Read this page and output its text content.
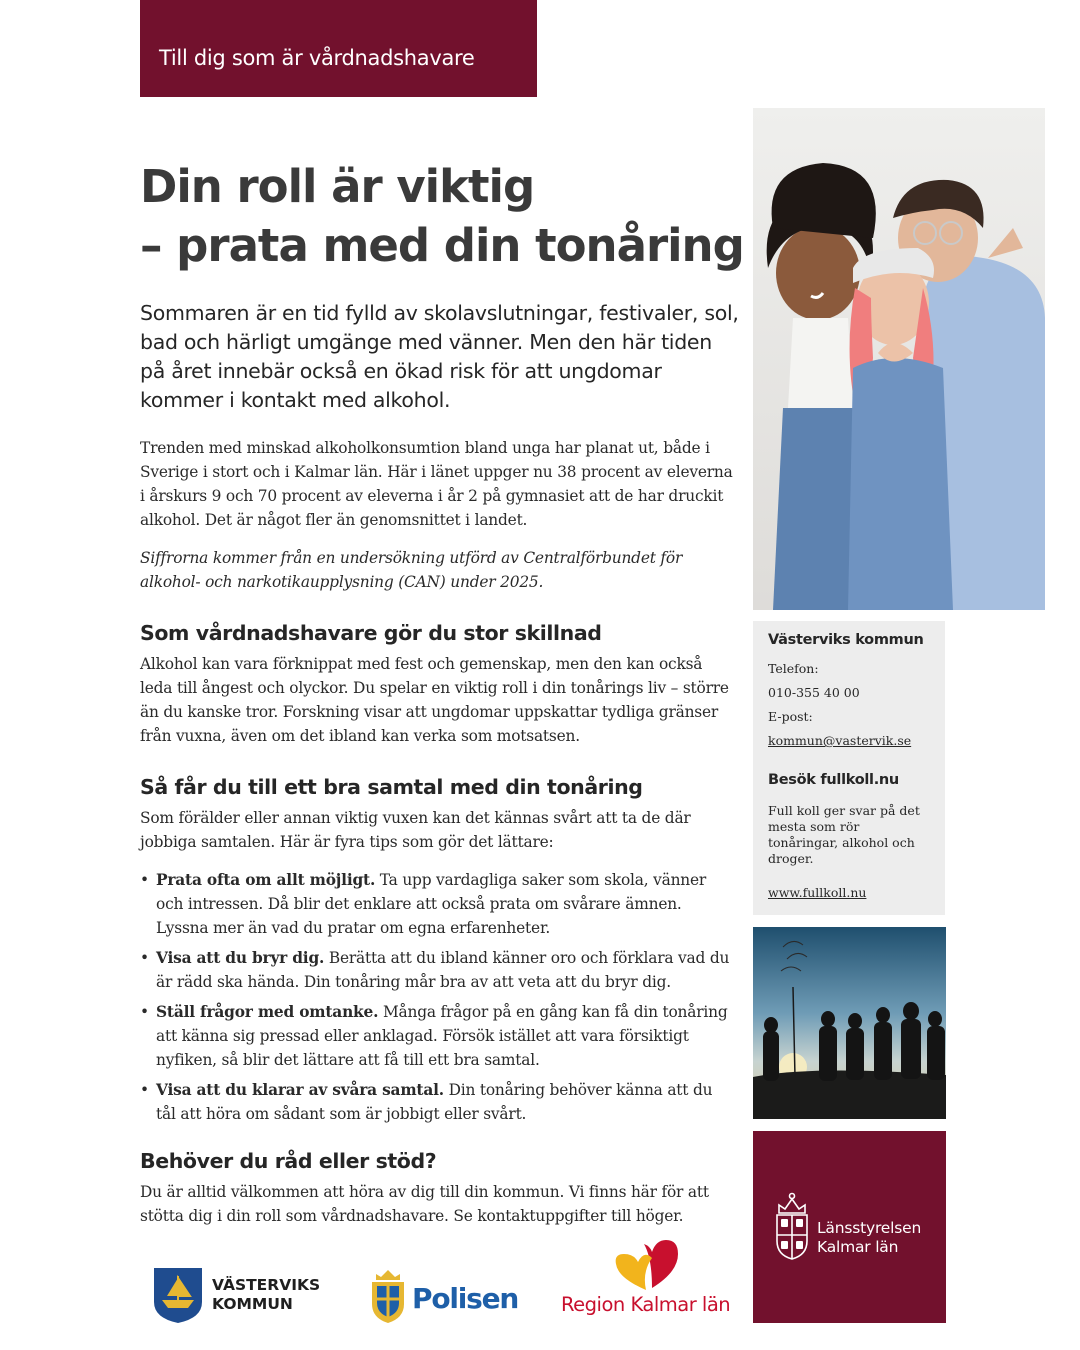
Till dig som är vårdnadshavare
Din roll är viktig
– prata med din tonåring

Sommaren är en tid fylld av skolavslutningar, festivaler, sol, bad och härligt umgänge med vänner. Men den här tiden på året innebär också en ökad risk för att ungdomar kommer i kontakt med alkohol.

Trenden med minskad alkoholkonsumtion bland unga har planat ut, både i Sverige i stort och i Kalmar län. Här i länet uppger nu 38 procent av eleverna i årskurs 9 och 70 procent av eleverna i år 2 på gymnasiet att de har druckit alkohol. Det är något fler än genomsnittet i landet.

Siffrorna kommer från en undersökning utförd av Centralförbundet för alkohol- och narkotikaupplysning (CAN) under 2025.

Som vårdnadshavare gör du stor skillnad

Alkohol kan vara förknippat med fest och gemenskap, men den kan också leda till ångest och olyckor. Du spelar en viktig roll i din tonårings liv – större än du kanske tror. Forskning visar att ungdomar uppskattar tydliga gränser från vuxna, även om det ibland kan verka som motsatsen.

Så får du till ett bra samtal med din tonåring

Som förälder eller annan viktig vuxen kan det kännas svårt att ta de där jobbiga samtalen. Här är fyra tips som gör det lättare:

• Prata ofta om allt möjligt. Ta upp vardagliga saker som skola, vänner och intressen. Då blir det enklare att också prata om svårare ämnen. Lyssna mer än vad du pratar om egna erfarenheter.
• Visa att du bryr dig. Berätta att du ibland känner oro och förklara vad du är rädd ska hända. Din tonåring mår bra av att veta att du bryr dig.
• Ställ frågor med omtanke. Många frågor på en gång kan få din tonåring att känna sig pressad eller anklagad. Försök istället att vara försiktigt nyfiken, så blir det lättare att få till ett bra samtal.
• Visa att du klarar av svåra samtal. Din tonåring behöver känna att du tål att höra om sådant som är jobbigt eller svårt.
Behöver du råd eller stöd?

Du är alltid välkommen att höra av dig till din kommun. Vi finns här för att stötta dig i din roll som vårdnadshavare. Se kontaktuppgifter till höger.

Västerviks kommun
Telefon:
010-355 40 00
E-post:
kommun@vastervik.se
Besök fullkoll.nu
Full koll ger svar på det mesta som rör tonåringar, alkohol och droger.
www.fullkoll.nu
Länsstyrelsen
Kalmar län
VÄSTERVIKS
KOMMUN	Polisen Region Kalmar län
